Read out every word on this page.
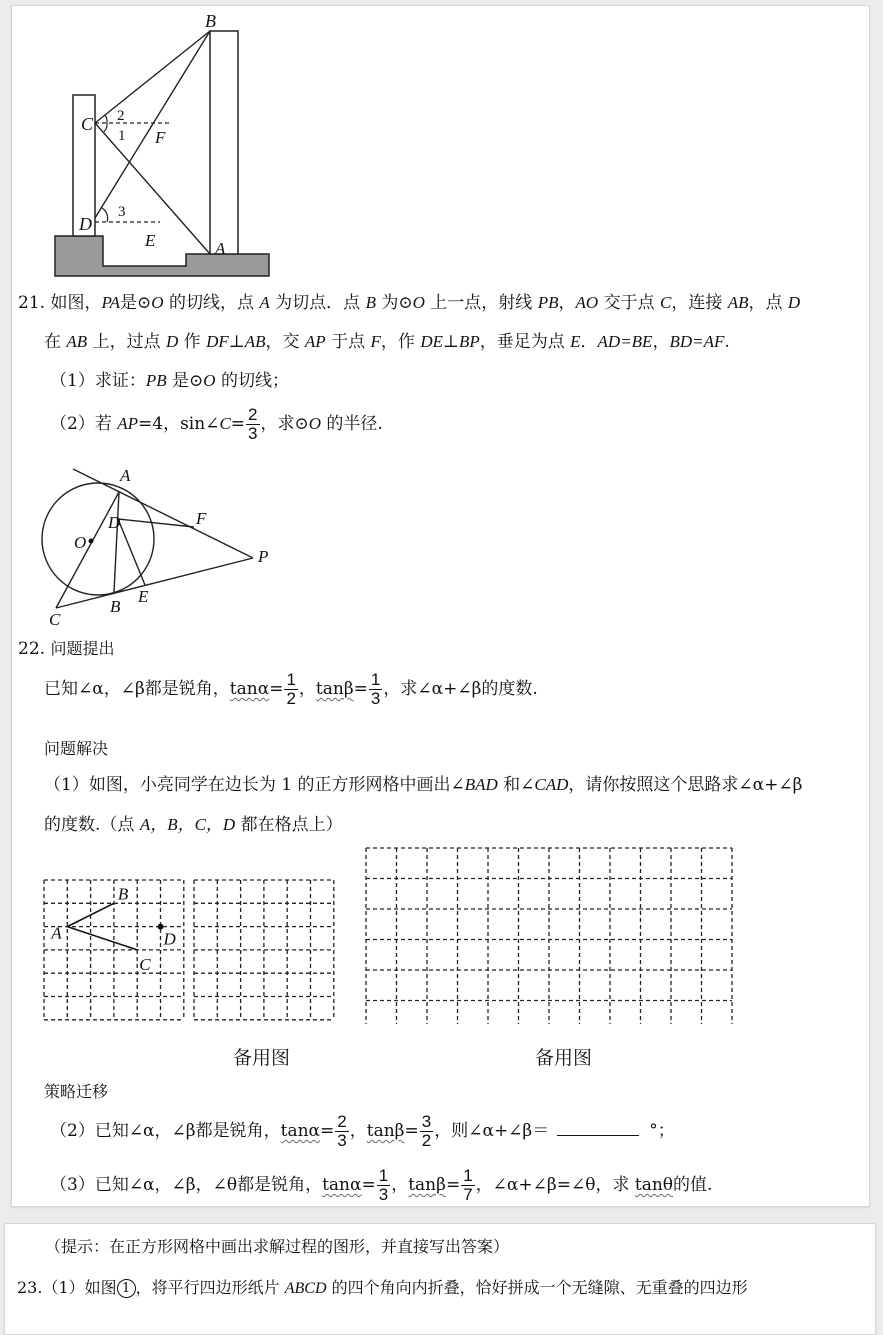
B
C
F
D
E	A
2
1
3
21. 如图，PA是⊙O 的切线，点 A 为切点．点 B 为⊙O 上一点，射线 PB，AO 交于点 C，连接 AB，点 D
在 AB 上，过点 D 作 DF⊥AB，交 AP 于点 F，作 DE⊥BP，垂足为点 E．AD=BE，BD=AF.
（1）求证：PB 是⊙O 的切线；
（2）若 AP=4，sin∠C= $\frac{2}{3}$ ，求⊙O 的半径.
A
D	F
O
P
B
E
C
22. 问题提出
已知∠α，∠β都是锐角，$\tan\alpha= \frac{1}{2}$ ，$\tan\beta= \frac{1}{3}$ ，求∠α+∠β的度数.
问题解决
（1）如图，小亮同学在边长为 1 的正方形网格中画出∠BAD 和∠CAD，请你按照这个思路求∠α+∠β
的度数.（点 A，B，C，D 都在格点上）
A
B
C
D
备用图	备用图
策略迁移
（2）已知∠α，∠β都是锐角，$\tan\alpha= \frac{2}{3}$ ，$\tan\beta= \frac{3}{2}$ ，则∠α+∠β＝	°；
（3）已知∠α，∠β，∠θ都是锐角，$\tan\alpha= \frac{1}{3}$ ，$\tan\beta= \frac{1}{7}$ ，∠α+∠β=∠θ，求 tanθ的值.
（提示：在正方形网格中画出求解过程的图形，并直接写出答案）
23.（1）如图 1 ，将平行四边形纸片 ABCD 的四个角向内折叠，恰好拼成一个无缝隙、无重叠的四边形
